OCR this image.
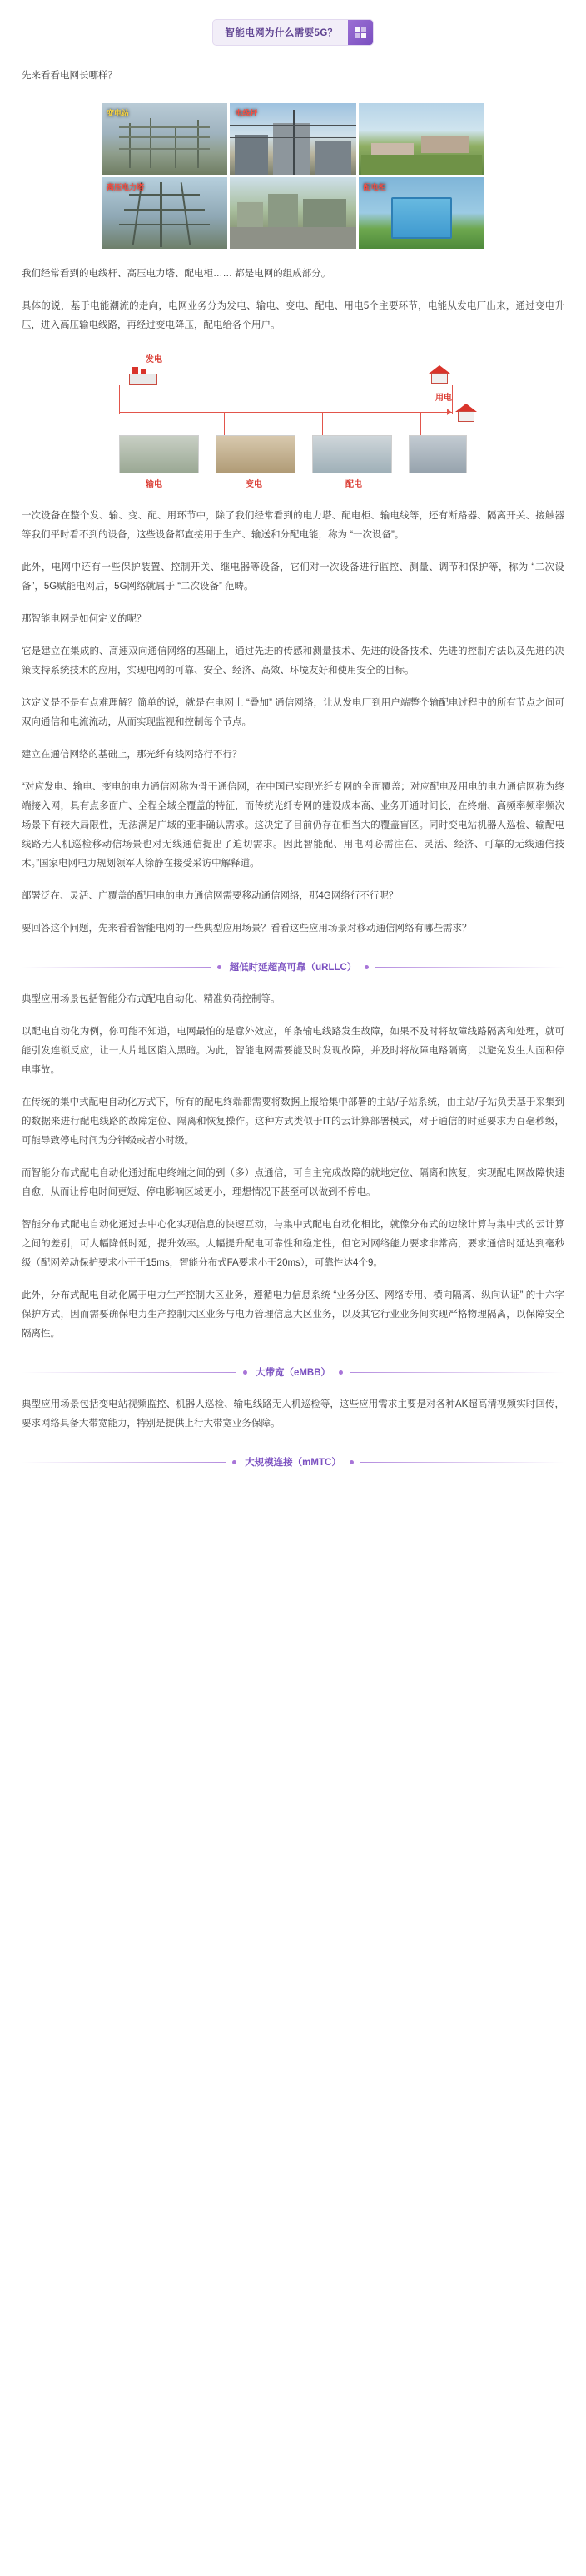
智能电网为什么需要5G？

先来看看电网长哪样？

变电站	电线杆
高压电力塔	配电柜

我们经常看到的电线杆、高压电力塔、配电柜…… 都是电网的组成部分。

具体的说，基于电能潮流的走向，电网业务分为发电、输电、变电、配电、用电5个主要环节，电能从发电厂出来，通过变电升压，进入高压输电线路，再经过变电降压，配电给各个用户。

发电
用电
输电	变电	配电

一次设备在整个发、输、变、配、用环节中，除了我们经常看到的电力塔、配电柜、输电线等，还有断路器、隔离开关、接触器等我们平时看不到的设备，这些设备都直接用于生产、输送和分配电能，称为 “一次设备”。

此外，电网中还有一些保护装置、控制开关、继电器等设备，它们对一次设备进行监控、测量、调节和保护等，称为 “二次设备”，5G赋能电网后，5G网络就属于 “二次设备” 范畴。

那智能电网是如何定义的呢？

它是建立在集成的、高速双向通信网络的基础上，通过先进的传感和测量技术、先进的设备技术、先进的控制方法以及先进的决策支持系统技术的应用，实现电网的可靠、安全、经济、高效、环境友好和使用安全的目标。

这定义是不是有点难理解？简单的说，就是在电网上 “叠加” 通信网络，让从发电厂到用户端整个输配电过程中的所有节点之间可双向通信和电流流动，从而实现监视和控制每个节点。

建立在通信网络的基础上，那光纤有线网络行不行？

“对应发电、输电、变电的电力通信网称为骨干通信网，在中国已实现光纤专网的全面覆盖；对应配电及用电的电力通信网称为终端接入网，具有点多面广、全程全域全覆盖的特征，而传统光纤专网的建设成本高、业务开通时间长，在终端、高频率频率频次场景下有较大局限性，无法满足广域的亚非确认需求。这决定了目前仍存在相当大的覆盖盲区。同时变电站机器人巡检、输配电线路无人机巡检移动信场景也对无线通信提出了迫切需求。因此智能配、用电网必需注在、灵活、经济、可靠的无线通信技术。”国家电网电力规划领军人徐静在接受采访中解释道。

部署泛在、灵活、广覆盖的配用电的电力通信网需要移动通信网络，那4G网络行不行呢？

要回答这个问题，先来看看智能电网的一些典型应用场景？看看这些应用场景对移动通信网络有哪些需求？

超低时延超高可靠（uRLLC）

典型应用场景包括智能分布式配电自动化、精准负荷控制等。

以配电自动化为例，你可能不知道，电网最怕的是意外效应，单条输电线路发生故障，如果不及时将故障线路隔离和处理，就可能引发连锁反应，让一大片地区陷入黑暗。为此，智能电网需要能及时发现故障，并及时将故障电路隔离，以避免发生大面积停电事故。

在传统的集中式配电自动化方式下，所有的配电终端都需要将数据上报给集中部署的主站/子站系统，由主站/子站负责基于采集到的数据来进行配电线路的故障定位、隔离和恢复操作。这种方式类似于IT的云计算部署模式，对于通信的时延要求为百毫秒级，可能导致停电时间为分钟级或者小时级。

而智能分布式配电自动化通过配电终端之间的到（多）点通信，可自主完成故障的就地定位、隔离和恢复，实现配电网故障快速自愈，从而让停电时间更短、停电影响区域更小，理想情况下甚至可以做到不停电。

智能分布式配电自动化通过去中心化实现信息的快速互动，与集中式配电自动化相比，就像分布式的边缘计算与集中式的云计算之间的差别，可大幅降低时延，提升效率。大幅提升配电可靠性和稳定性，但它对网络能力要求非常高，要求通信时延达到毫秒级（配网差动保护要求小于于15ms，智能分布式FA要求小于20ms），可靠性达4个9。

此外，分布式配电自动化属于电力生产控制大区业务，遵循电力信息系统 “业务分区、网络专用、横向隔离、纵向认证” 的十六字保护方式，因而需要确保电力生产控制大区业务与电力管理信息大区业务，以及其它行业业务间实现严格物理隔离，以保障安全隔离性。

大带宽（eMBB）

典型应用场景包括变电站视频监控、机器人巡检、输电线路无人机巡检等，这些应用需求主要是对各种AK超高清视频实时回传，要求网络具备大带宽能力，特别是提供上行大带宽业务保障。

大规模连接（mMTC）
